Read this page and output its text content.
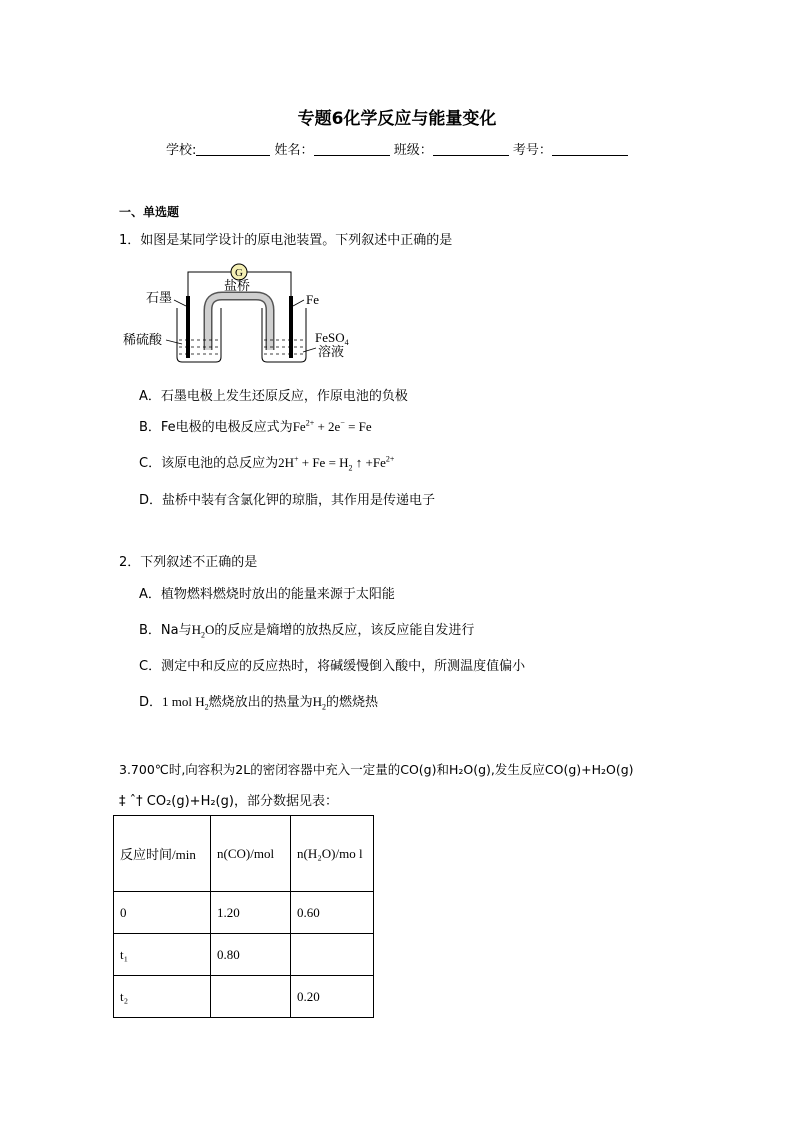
专题6化学反应与能量变化
学校:	姓名：	班级：	考号：
一、单选题
1．如图是某同学设计的原电池装置。下列叙述中正确的是
G
盐桥
石墨	Fe
稀硫酸	FeSO$_4$
溶液
A．石墨电极上发生还原反应，作原电池的负极
B．Fe电极的电极反应式为$Fe^{2+} + 2e^- = Fe$
C．该原电池的总反应为$2H^+ + Fe = H_2$ ↑ $+Fe^{2+}$
D．盐桥中装有含氯化钾的琼脂，其作用是传递电子
2．下列叙述不正确的是
A．植物燃料燃烧时放出的能量来源于太阳能
B．Na与$H_2O$的反应是熵增的放热反应，该反应能自发进行
C．测定中和反应的反应热时，将碱缓慢倒入酸中，所测温度值偏小
D．1 mol $H_2$燃烧放出的热量为$H_2$的燃烧热
3.700℃时,向容积为2L的密闭容器中充入一定量的CO(g)和H₂O(g),发生反应CO(g)+H₂O(g)
‡ ˆ† CO₂(g)+H₂(g)，部分数据见表：
反应时间/min	n(CO)/mol	n(H₂O)/mo l
0	1.20	0.60
t₁	0.80	
t₂		0.20
